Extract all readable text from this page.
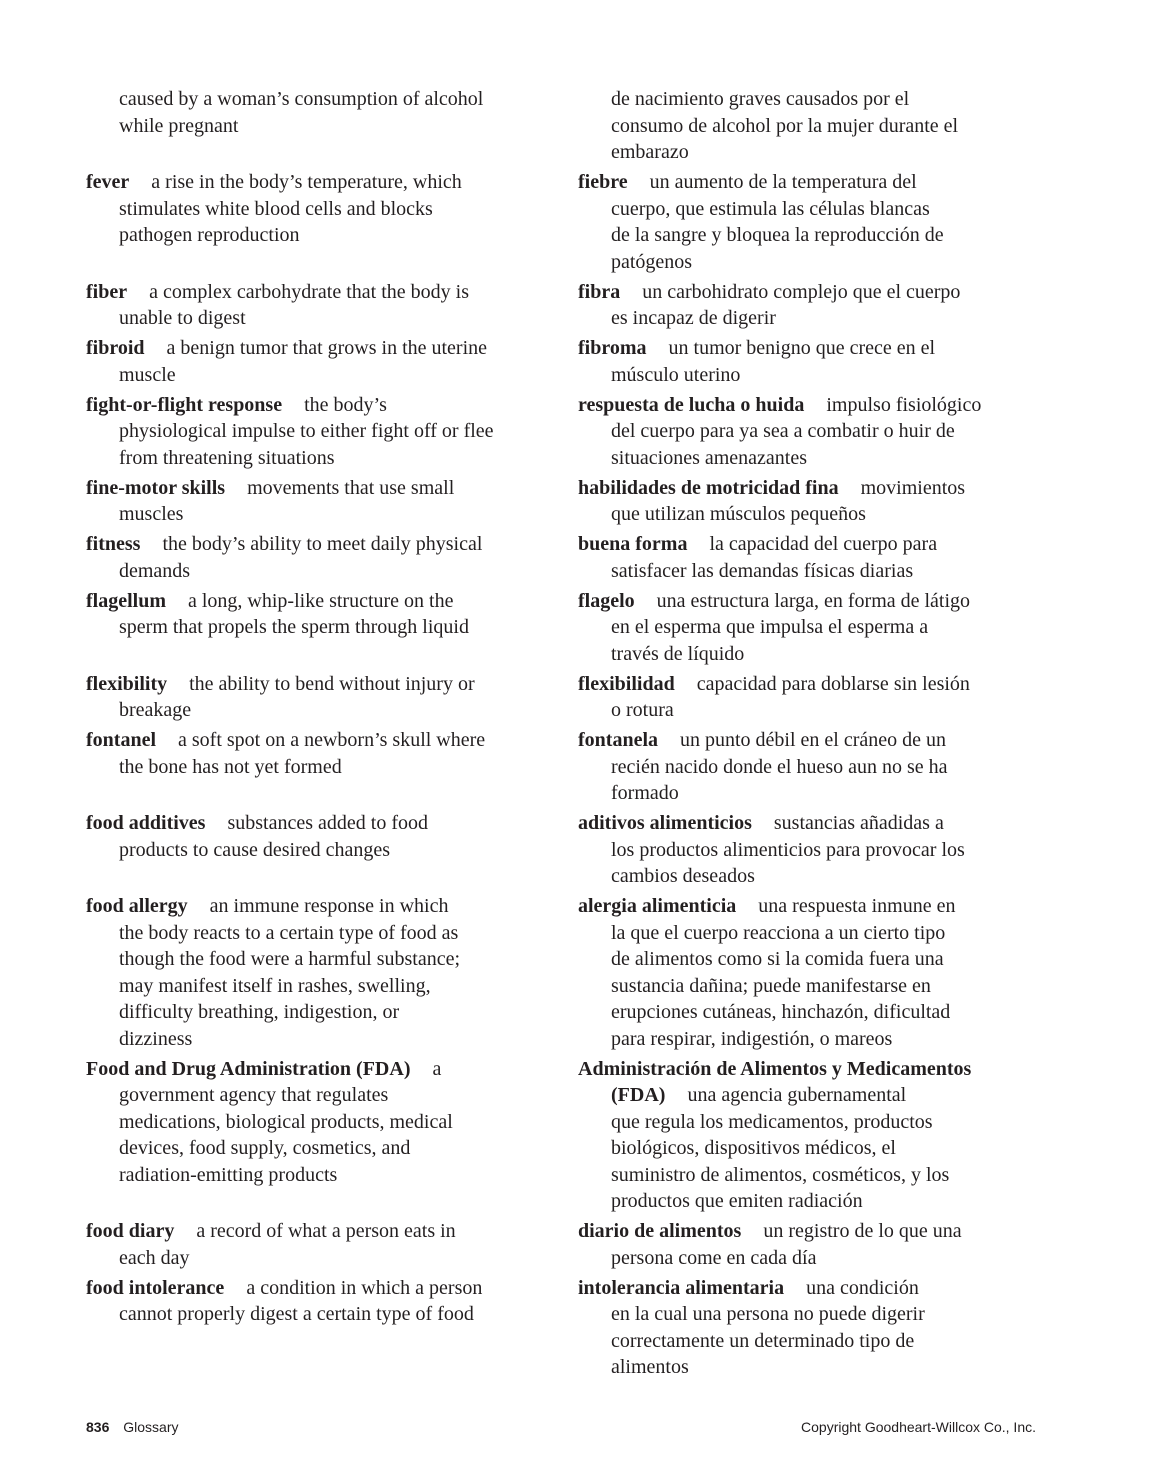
caused by a woman’s consumption of alcohol
while pregnant
de nacimiento graves causados por el
consumo de alcohol por la mujer durante el
embarazo
fever a rise in the body’s temperature, which
stimulates white blood cells and blocks
pathogen reproduction
fiebre un aumento de la temperatura del
cuerpo, que estimula las células blancas
de la sangre y bloquea la reproducción de
patógenos
fiber a complex carbohydrate that the body is
unable to digest
fibra un carbohidrato complejo que el cuerpo
es incapaz de digerir
fibroid a benign tumor that grows in the uterine
muscle
fibroma un tumor benigno que crece en el
músculo uterino
fight-or-flight response the body’s
physiological impulse to either fight off or flee
from threatening situations
respuesta de lucha o huida impulso fisiológico
del cuerpo para ya sea a combatir o huir de
situaciones amenazantes
fine-motor skills movements that use small
muscles
habilidades de motricidad fina movimientos
que utilizan músculos pequeños
fitness the body’s ability to meet daily physical
demands
buena forma la capacidad del cuerpo para
satisfacer las demandas físicas diarias
flagellum a long, whip-like structure on the
sperm that propels the sperm through liquid
flagelo una estructura larga, en forma de látigo
en el esperma que impulsa el esperma a
través de líquido
flexibility the ability to bend without injury or
breakage
flexibilidad capacidad para doblarse sin lesión
o rotura
fontanel a soft spot on a newborn’s skull where
the bone has not yet formed
fontanela un punto débil en el cráneo de un
recién nacido donde el hueso aun no se ha
formado
food additives substances added to food
products to cause desired changes
aditivos alimenticios sustancias añadidas a
los productos alimenticios para provocar los
cambios deseados
food allergy an immune response in which
the body reacts to a certain type of food as
though the food were a harmful substance;
may manifest itself in rashes, swelling,
difficulty breathing, indigestion, or
dizziness
alergia alimenticia una respuesta inmune en
la que el cuerpo reacciona a un cierto tipo
de alimentos como si la comida fuera una
sustancia dañina; puede manifestarse en
erupciones cutáneas, hinchazón, dificultad
para respirar, indigestión, o mareos
Food and Drug Administration (FDA) a
government agency that regulates
medications, biological products, medical
devices, food supply, cosmetics, and
radiation-emitting products
Administración de Alimentos y Medicamentos
(FDA) una agencia gubernamental
que regula los medicamentos, productos
biológicos, dispositivos médicos, el
suministro de alimentos, cosméticos, y los
productos que emiten radiación
food diary a record of what a person eats in
each day
diario de alimentos un registro de lo que una
persona come en cada día
food intolerance a condition in which a person
cannot properly digest a certain type of food
intolerancia alimentaria una condición
en la cual una persona no puede digerir
correctamente un determinado tipo de
alimentos
836 Glossary	Copyright Goodheart-Willcox Co., Inc.
